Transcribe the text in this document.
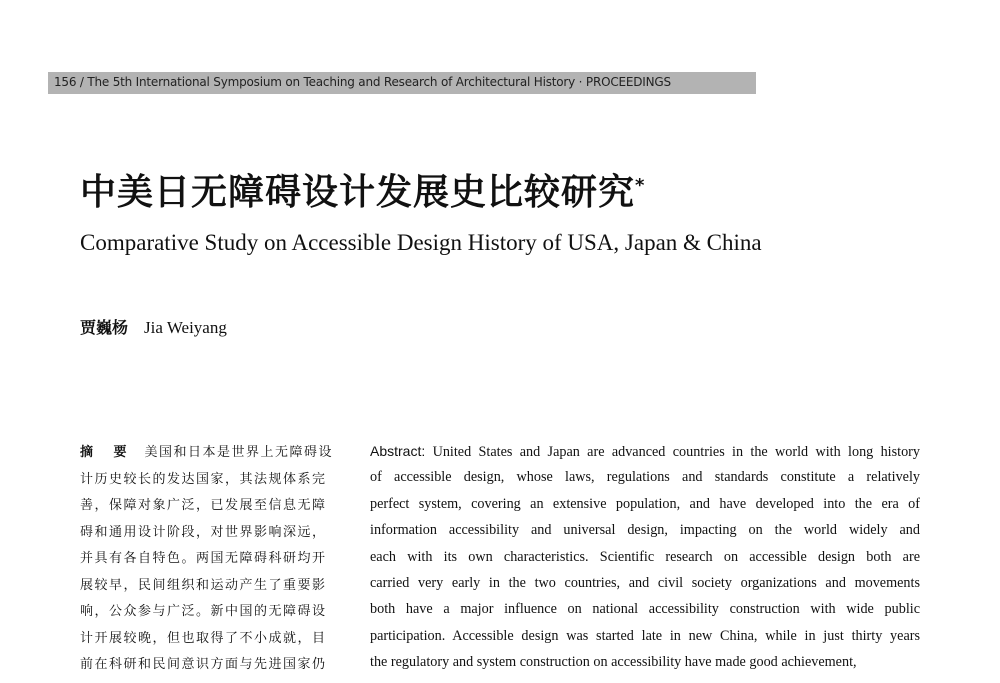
156 / The 5th International Symposium on Teaching and Research of Architectural History · PROCEEDINGS
中美日无障碍设计发展史比较研究*
Comparative Study on Accessible Design History of USA, Japan & China
贾巍杨 Jia Weiyang
摘 要 美国和日本是世界上无障碍设
计历史较长的发达国家，其法规体系完
善，保障对象广泛，已发展至信息无障
碍和通用设计阶段，对世界影响深远，
并具有各自特色。两国无障碍科研均开
展较早，民间组织和运动产生了重要影
响，公众参与广泛。新中国的无障碍设
计开展较晚，但也取得了不小成就，目
前在科研和民间意识方面与先进国家仍
Abstract: United States and Japan are advanced countries in the world with long history
of accessible design, whose laws, regulations and standards constitute a relatively
perfect system, covering an extensive population, and have developed into the era of
information accessibility and universal design, impacting on the world widely and
each with its own characteristics. Scientific research on accessible design both are
carried very early in the two countries, and civil society organizations and movements
both have a major influence on national accessibility construction with wide public
participation. Accessible design was started late in new China, while in just thirty years
the regulatory and system construction on accessibility have made good achievement,
